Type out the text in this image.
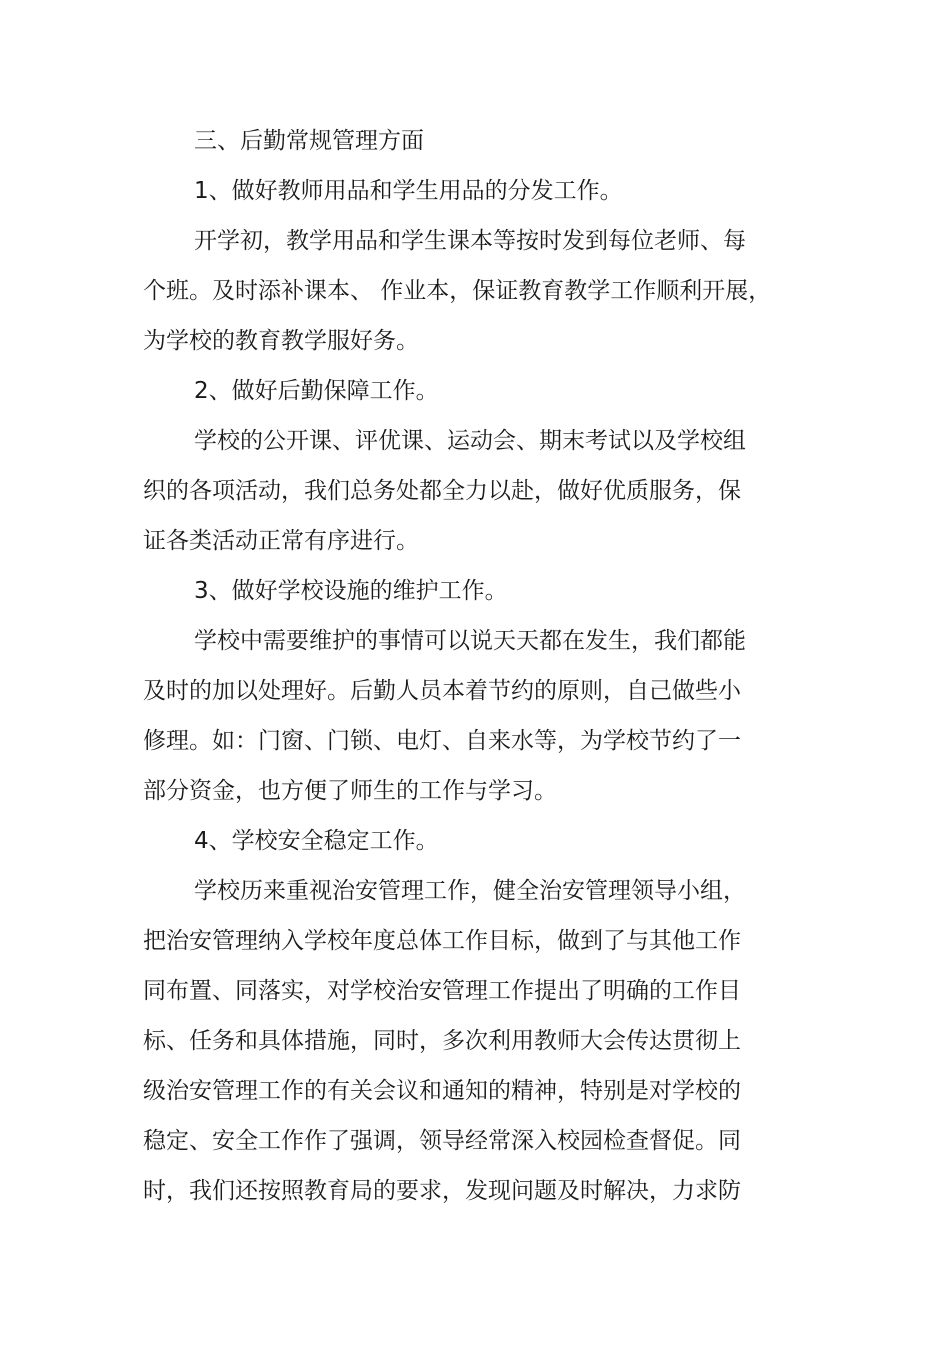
三、后勤常规管理方面
1、做好教师用品和学生用品的分发工作。
开学初，教学用品和学生课本等按时发到每位老师、每
个班。及时添补课本、 作业本，保证教育教学工作顺利开展，
为学校的教育教学服好务。
2、做好后勤保障工作。
学校的公开课、评优课、运动会、期末考试以及学校组
织的各项活动，我们总务处都全力以赴，做好优质服务，保
证各类活动正常有序进行。
3、做好学校设施的维护工作。
学校中需要维护的事情可以说天天都在发生，我们都能
及时的加以处理好。后勤人员本着节约的原则，自己做些小
修理。如：门窗、门锁、电灯、自来水等，为学校节约了一
部分资金，也方便了师生的工作与学习。
4、学校安全稳定工作。
学校历来重视治安管理工作，健全治安管理领导小组，
把治安管理纳入学校年度总体工作目标，做到了与其他工作
同布置、同落实，对学校治安管理工作提出了明确的工作目
标、任务和具体措施，同时，多次利用教师大会传达贯彻上
级治安管理工作的有关会议和通知的精神，特别是对学校的
稳定、安全工作作了强调，领导经常深入校园检查督促。同
时，我们还按照教育局的要求，发现问题及时解决，力求防
